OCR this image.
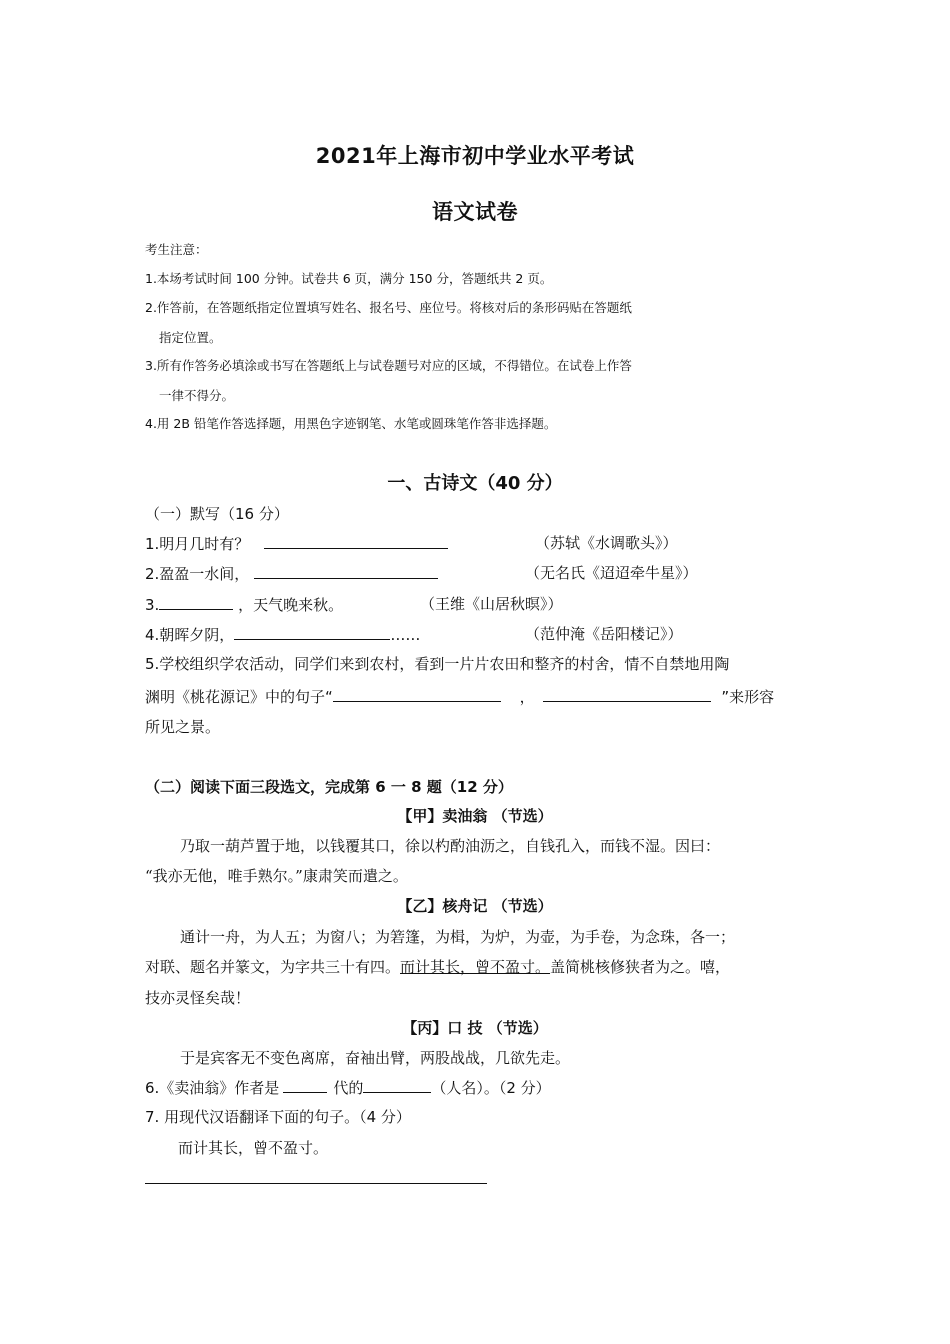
2021年上海市初中学业水平考试
语文试卷
考生注意：
1.本场考试时间 100 分钟。试卷共 6 页，满分 150 分，答题纸共 2 页。
2.作答前，在答题纸指定位置填写姓名、报名号、座位号。将核对后的条形码贴在答题纸
指定位置。
3.所有作答务必填涂或书写在答题纸上与试卷题号对应的区域，不得错位。在试卷上作答
一律不得分。
4.用 2B 铅笔作答选择题，用黑色字迹钢笔、水笔或圆珠笔作答非选择题。
一、古诗文（40 分）
（一）默写（16 分）
1.明月几时有？	（苏轼《水调歌头》）
2.盈盈一水间，	（无名氏《迢迢牵牛星》）
3.	，天气晚来秋。	（王维《山居秋暝》）
4.朝晖夕阴，	……	（范仲淹《岳阳楼记》）
5.学校组织学农活动，同学们来到农村，看到一片片农田和整齐的村舍，情不自禁地用陶
渊明《桃花源记》中的句子“	，	”来形容
所见之景。
（二）阅读下面三段选文，完成第 6 一 8 题（12 分）
【甲】卖油翁 （节选）
乃取一葫芦置于地，以钱覆其口，徐以杓酌油沥之，自钱孔入，而钱不湿。因曰：
“我亦无他，唯手熟尔。”康肃笑而遣之。
【乙】核舟记 （节选）
通计一舟，为人五；为窗八；为箬篷，为楫，为炉，为壶，为手卷，为念珠，各一；
对联、题名并篆文，为字共三十有四。而计其长，曾不盈寸。盖简桃核修狭者为之。嘻，
技亦灵怪矣哉！
【丙】口 技 （节选）
于是宾客无不变色离席，奋袖出臂，两股战战，几欲先走。
6.《卖油翁》作者是	代的	（人名）。（2 分）
7. 用现代汉语翻译下面的句子。（4 分）
而计其长，曾不盈寸。
